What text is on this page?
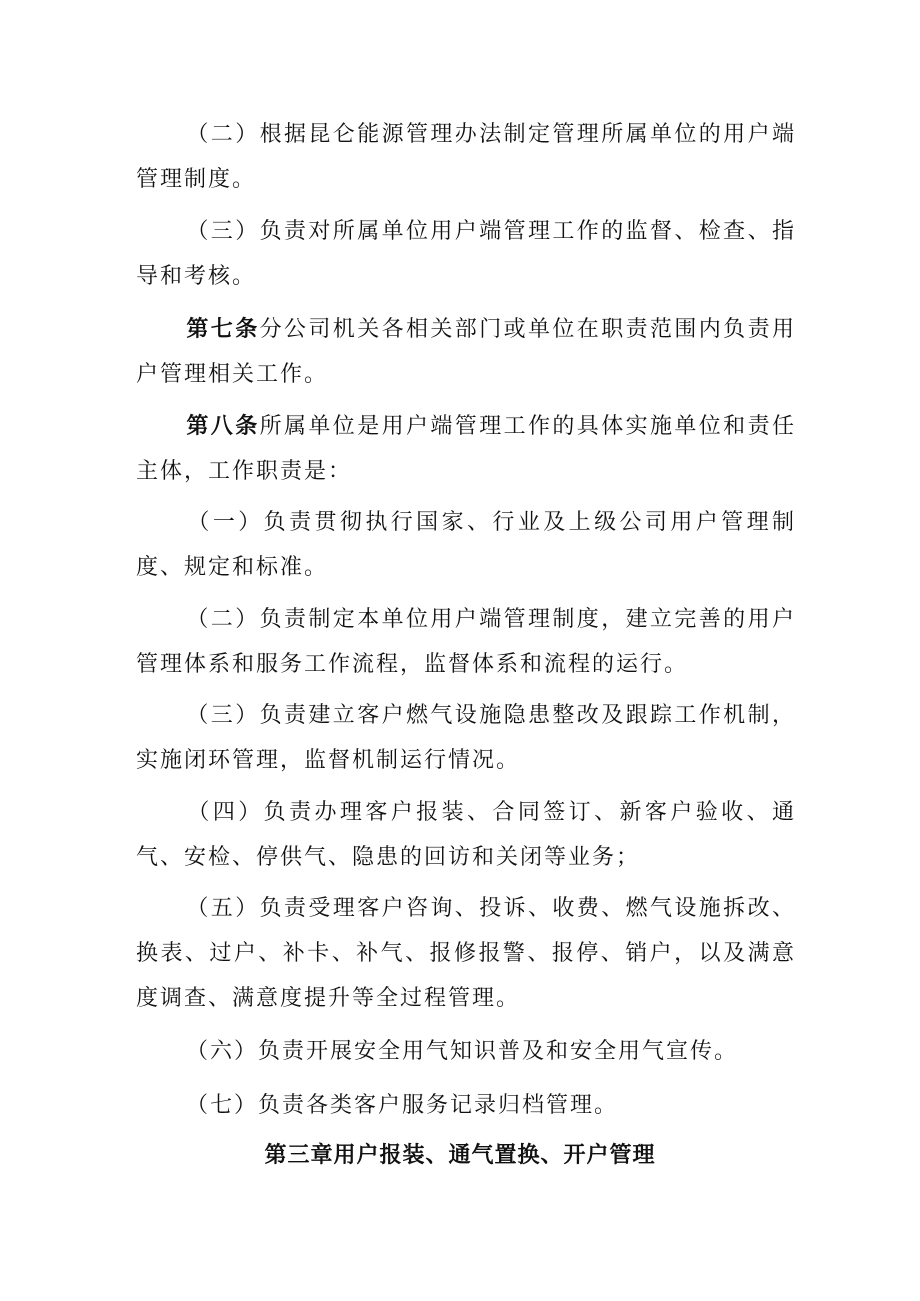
（二）根据昆仑能源管理办法制定管理所属单位的用户端管理制度。

（三）负责对所属单位用户端管理工作的监督、检查、指导和考核。

第七条分公司机关各相关部门或单位在职责范围内负责用户管理相关工作。

第八条所属单位是用户端管理工作的具体实施单位和责任主体，工作职责是：

（一）负责贯彻执行国家、行业及上级公司用户管理制度、规定和标准。

（二）负责制定本单位用户端管理制度，建立完善的用户管理体系和服务工作流程，监督体系和流程的运行。

（三）负责建立客户燃气设施隐患整改及跟踪工作机制，实施闭环管理，监督机制运行情况。

（四）负责办理客户报装、合同签订、新客户验收、通气、安检、停供气、隐患的回访和关闭等业务；

（五）负责受理客户咨询、投诉、收费、燃气设施拆改、换表、过户、补卡、补气、报修报警、报停、销户，以及满意度调查、满意度提升等全过程管理。

（六）负责开展安全用气知识普及和安全用气宣传。

（七）负责各类客户服务记录归档管理。

第三章用户报装、通气置换、开户管理
